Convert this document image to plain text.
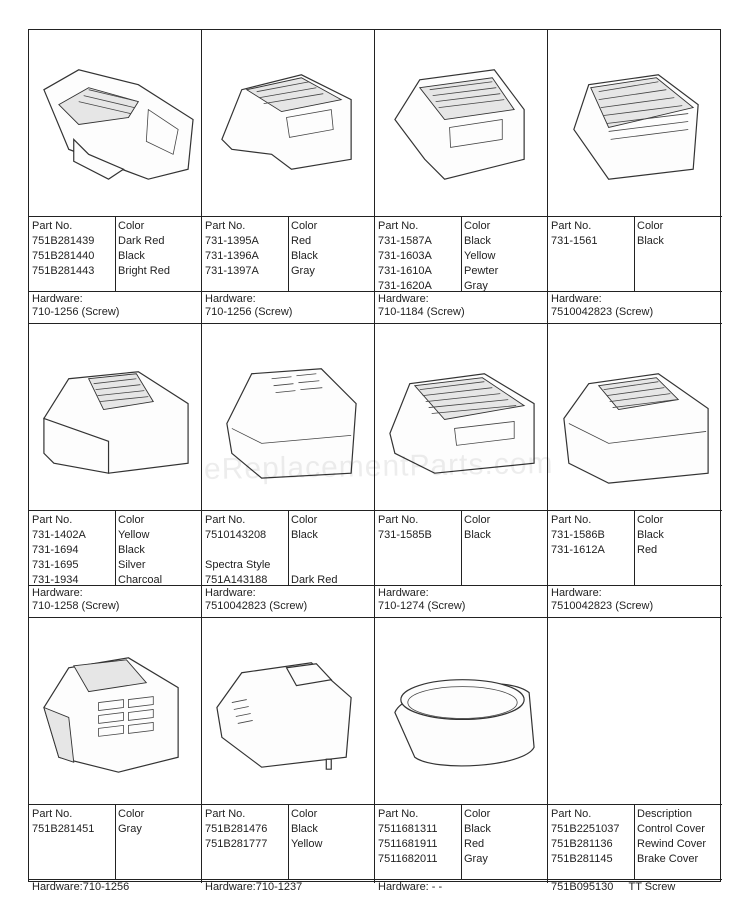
Part No.
751B281439
751B281440
751B281443
Color
Dark Red
Black
Bright Red
Hardware:
710-1256 (Screw)
Part No.
731-1395A
731-1396A
731-1397A
Color
Red
Black
Gray
Hardware:
710-1256 (Screw)
Part No.
731-1587A
731-1603A
731-1610A
731-1620A
Color
Black
Yellow
Pewter
Gray
Hardware:
710-1184 (Screw)
Part No.
731-1561
Color
Black
Hardware:
7510042823 (Screw)
Part No.
731-1402A
731-1694
731-1695
731-1934
Color
Yellow
Black
Silver
Charcoal
Hardware:
710-1258 (Screw)
Part No.
7510143208

Spectra Style
751A143188
Color
Black

Dark Red
Hardware:
7510042823 (Screw)
Part No.
731-1585B
Color
Black
Hardware:
710-1274 (Screw)
Part No.
731-1586B
731-1612A
Color
Black
Red
Hardware:
7510042823 (Screw)
Part No.
751B281451
Color
Gray
Hardware:710-1256
Part No.
751B281476
751B281777
Color
Black
Yellow
Hardware:710-1237
Part No.
7511681311
7511681911
7511682011
Color
Black
Red
Gray
Hardware: - -
Part No.
751B2251037
751B281136
751B281145
Description
Control Cover
Rewind Cover
Brake Cover
751B095130     TT Screw
eReplacementParts.com
